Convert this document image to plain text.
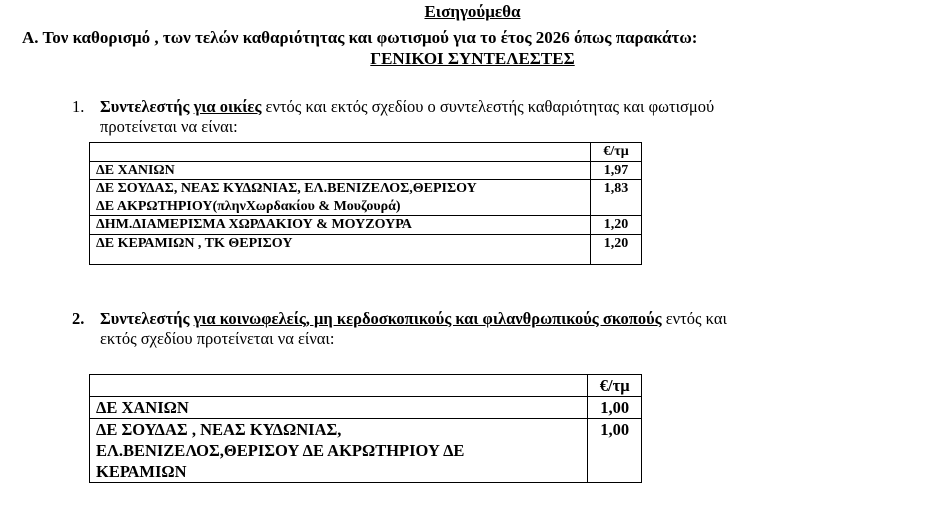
Εισηγούμεθα
Α. Τον καθορισμό , των τελών καθαριότητας και φωτισμού για το έτος 2026 όπως παρακάτω:
ΓΕΝΙΚΟΙ ΣΥΝΤΕΛΕΣΤΕΣ
1. Συντελεστής για οικίες εντός και εκτός σχεδίου ο συντελεστής καθαριότητας και φωτισμού
προτείνεται να είναι:
	€/τμ
ΔΕ ΧΑΝΙΩΝ	1,97
ΔΕ ΣΟΥΔΑΣ, ΝΕΑΣ ΚΥΔΩΝΙΑΣ, ΕΛ.ΒΕΝΙΖΕΛΟΣ,ΘΕΡΙΣΟΥ
ΔΕ ΑΚΡΩΤΗΡΙΟΥ(πληνΧωρδακίου & Μουζουρά)	1,83
ΔΗΜ.ΔΙΑΜΕΡΙΣΜΑ ΧΩΡΔΑΚΙΟΥ & ΜΟΥΖΟΥΡΑ	1,20
ΔΕ ΚΕΡΑΜΙΩΝ , ΤΚ ΘΕΡΙΣΟΥ	1,20
2. Συντελεστής για κοινωφελείς, μη κερδοσκοπικούς και φιλανθρωπικούς σκοπούς εντός και
εκτός σχεδίου προτείνεται να είναι:
	€/τμ
ΔΕ ΧΑΝΙΩΝ	1,00
ΔΕ ΣΟΥΔΑΣ , ΝΕΑΣ ΚΥΔΩΝΙΑΣ,
ΕΛ.ΒΕΝΙΖΕΛΟΣ,ΘΕΡΙΣΟΥ ΔΕ ΑΚΡΩΤΗΡΙΟΥ ΔΕ
ΚΕΡΑΜΙΩΝ	1,00
